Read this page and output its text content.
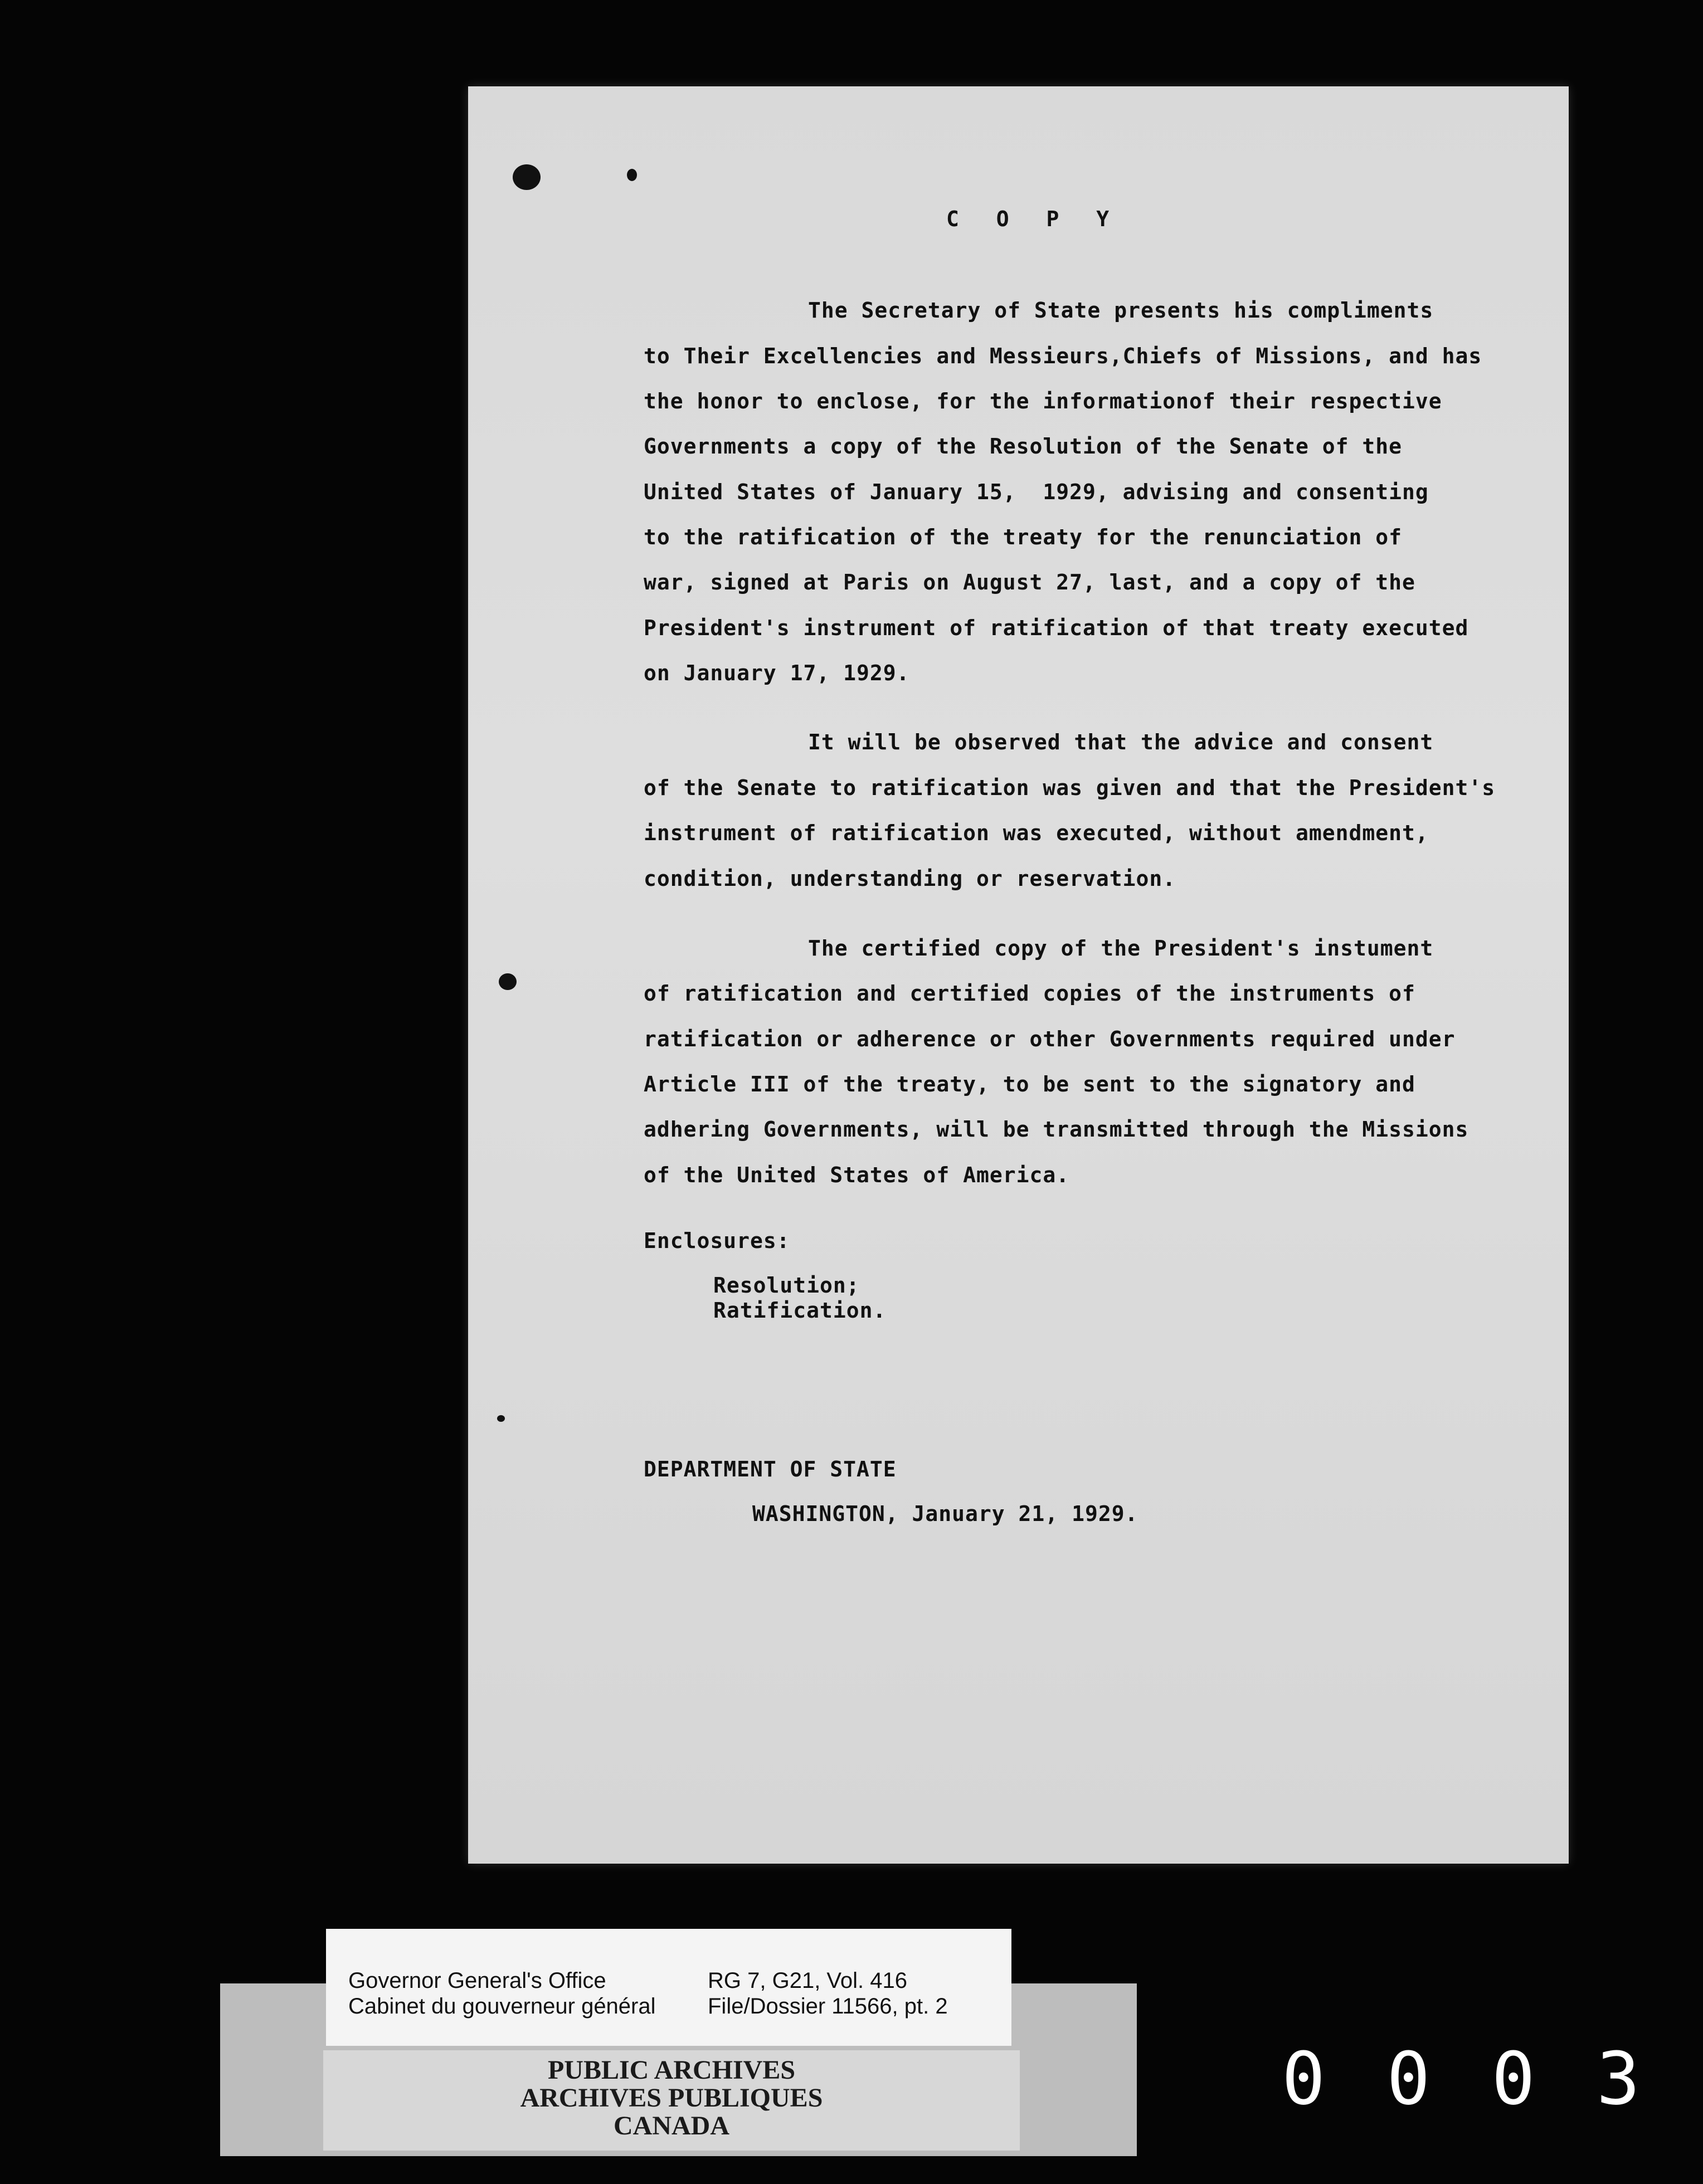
C O P Y
The Secretary of State presents his compliments
to Their Excellencies and Messieurs,Chiefs of Missions, and has
the honor to enclose, for the informationof their respective
Governments a copy of the Resolution of the Senate of the
United States of January 15,  1929, advising and consenting
to the ratification of the treaty for the renunciation of
war, signed at Paris on August 27, last, and a copy of the
President's instrument of ratification of that treaty executed
on January 17, 1929.
It will be observed that the advice and consent
of the Senate to ratification was given and that the President's
instrument of ratification was executed, without amendment,
condition, understanding or reservation.
The certified copy of the President's instument
of ratification and certified copies of the instruments of
ratification or adherence or other Governments required under
Article III of the treaty, to be sent to the signatory and
adhering Governments, will be transmitted through the Missions
of the United States of America.
Enclosures:
Resolution;
Ratification.
DEPARTMENT OF STATE
WASHINGTON, January 21, 1929.
PUBLIC ARCHIVES
ARCHIVES PUBLIQUES
CANADA
Governor General's Office
Cabinet du gouverneur général
RG 7, G21, Vol. 416
File/Dossier 11566, pt. 2
0003
